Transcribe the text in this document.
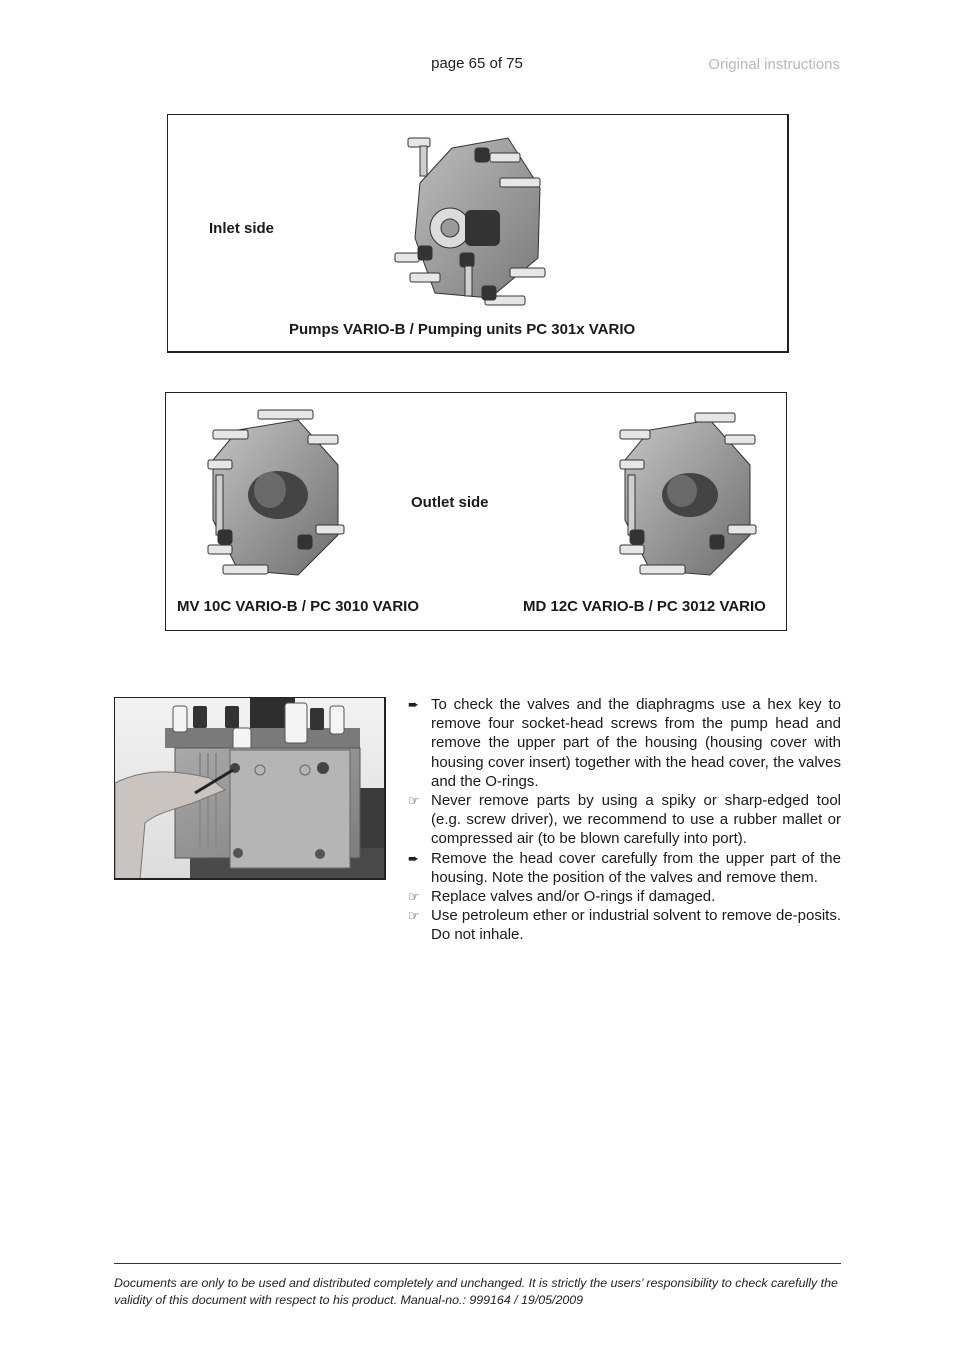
page 65 of 75	Original instructions
Inlet side
Pumps VARIO-B / Pumping units PC 301x VARIO
Outlet side
MV 10C VARIO-B / PC 3010 VARIO	MD 12C VARIO-B / PC 3012 VARIO
➨ To check the valves and the diaphragms use a hex key to remove four socket-head screws from the pump head and remove the upper part of the housing (housing cover with housing cover insert) together with the head cover, the valves and the O-rings.
☞ Never remove parts by using a spiky or sharp-edged tool (e.g. screw driver), we recommend to use a rubber mallet or compressed air (to be blown carefully into port).
➨ Remove the head cover carefully from the upper part of the housing. Note the position of the valves and remove them.
☞ Replace valves and/or O-rings if damaged.
☞ Use petroleum ether or industrial solvent to remove de-posits. Do not inhale.
Documents are only to be used and distributed completely and unchanged. It is strictly the users’ responsibility to check carefully the validity of this document with respect to his product. Manual-no.: 999164 / 19/05/2009
